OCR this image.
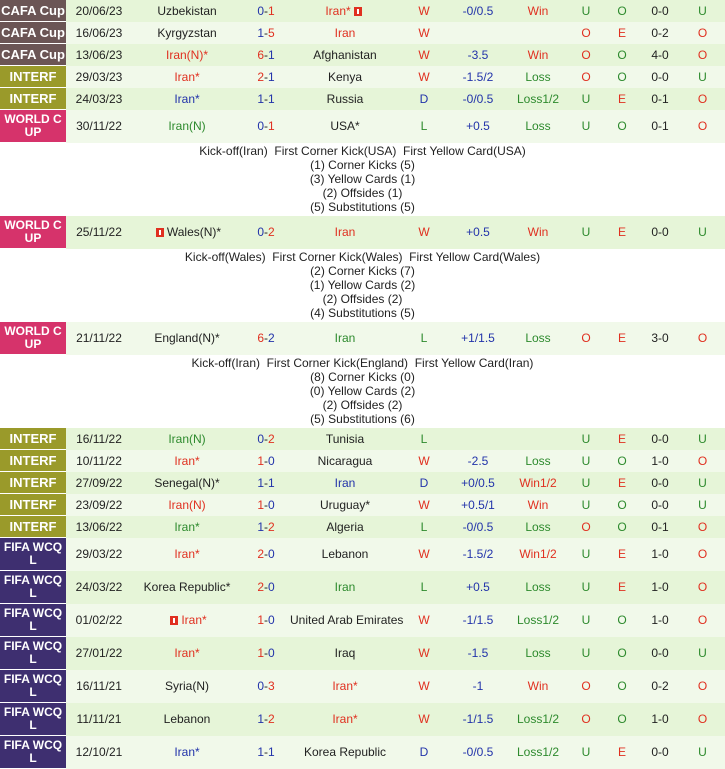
CAFA Cup	20/06/23	Uzbekistan	0-1	Iran*	W	-0/0.5	Win	U	O	0-0	U
CAFA Cup	16/06/23	Kyrgyzstan	1-5	Iran	W			O	E	0-2	O
CAFA Cup	13/06/23	Iran(N)*	6-1	Afghanistan	W	-3.5	Win	O	O	4-0	O
INTERF	29/03/23	Iran*	2-1	Kenya	W	-1.5/2	Loss	O	O	0-0	U
INTERF	24/03/23	Iran*	1-1	Russia	D	-0/0.5	Loss1/2	U	E	0-1	O
WORLD C UP	30/11/22	Iran(N)	0-1	USA*	L	+0.5	Loss	U	O	0-1	O

Kick-off(Iran)  First Corner Kick(USA)  First Yellow Card(USA)
(1) Corner Kicks (5)
(3) Yellow Cards (1)
(2) Offsides (1)
(5) Substitutions (5)											

WORLD C UP	25/11/22	Wales(N)*	0-2	Iran	W	+0.5	Win	U	E	0-0	U

Kick-off(Wales)  First Corner Kick(Wales)  First Yellow Card(Wales)
(2) Corner Kicks (7)
(1) Yellow Cards (2)
(2) Offsides (2)
(4) Substitutions (5)											

WORLD C UP	21/11/22	England(N)*	6-2	Iran	L	+1/1.5	Loss	O	E	3-0	O

Kick-off(Iran)  First Corner Kick(England)  First Yellow Card(Iran)
(8) Corner Kicks (0)
(0) Yellow Cards (2)
(2) Offsides (2)
(5) Substitutions (6)											

INTERF	16/11/22	Iran(N)	0-2	Tunisia	L			U	E	0-0	U
INTERF	10/11/22	Iran*	1-0	Nicaragua	W	-2.5	Loss	U	O	1-0	O
INTERF	27/09/22	Senegal(N)*	1-1	Iran	D	+0/0.5	Win1/2	U	E	0-0	U
INTERF	23/09/22	Iran(N)	1-0	Uruguay*	W	+0.5/1	Win	U	O	0-0	U
INTERF	13/06/22	Iran*	1-2	Algeria	L	-0/0.5	Loss	O	O	0-1	O
FIFA WCQ L	29/03/22	Iran*	2-0	Lebanon	W	-1.5/2	Win1/2	U	E	1-0	O
FIFA WCQ L	24/03/22	Korea Republic*	2-0	Iran	L	+0.5	Loss	U	E	1-0	O
FIFA WCQ L	01/02/22	Iran*	1-0	United Arab Emirates	W	-1/1.5	Loss1/2	U	O	1-0	O
FIFA WCQ L	27/01/22	Iran*	1-0	Iraq	W	-1.5	Loss	U	O	0-0	U
FIFA WCQ L	16/11/21	Syria(N)	0-3	Iran*	W	-1	Win	O	O	0-2	O
FIFA WCQ L	11/11/21	Lebanon	1-2	Iran*	W	-1/1.5	Loss1/2	O	O	1-0	O
FIFA WCQ L	12/10/21	Iran*	1-1	Korea Republic	D	-0/0.5	Loss1/2	U	E	0-0	U
